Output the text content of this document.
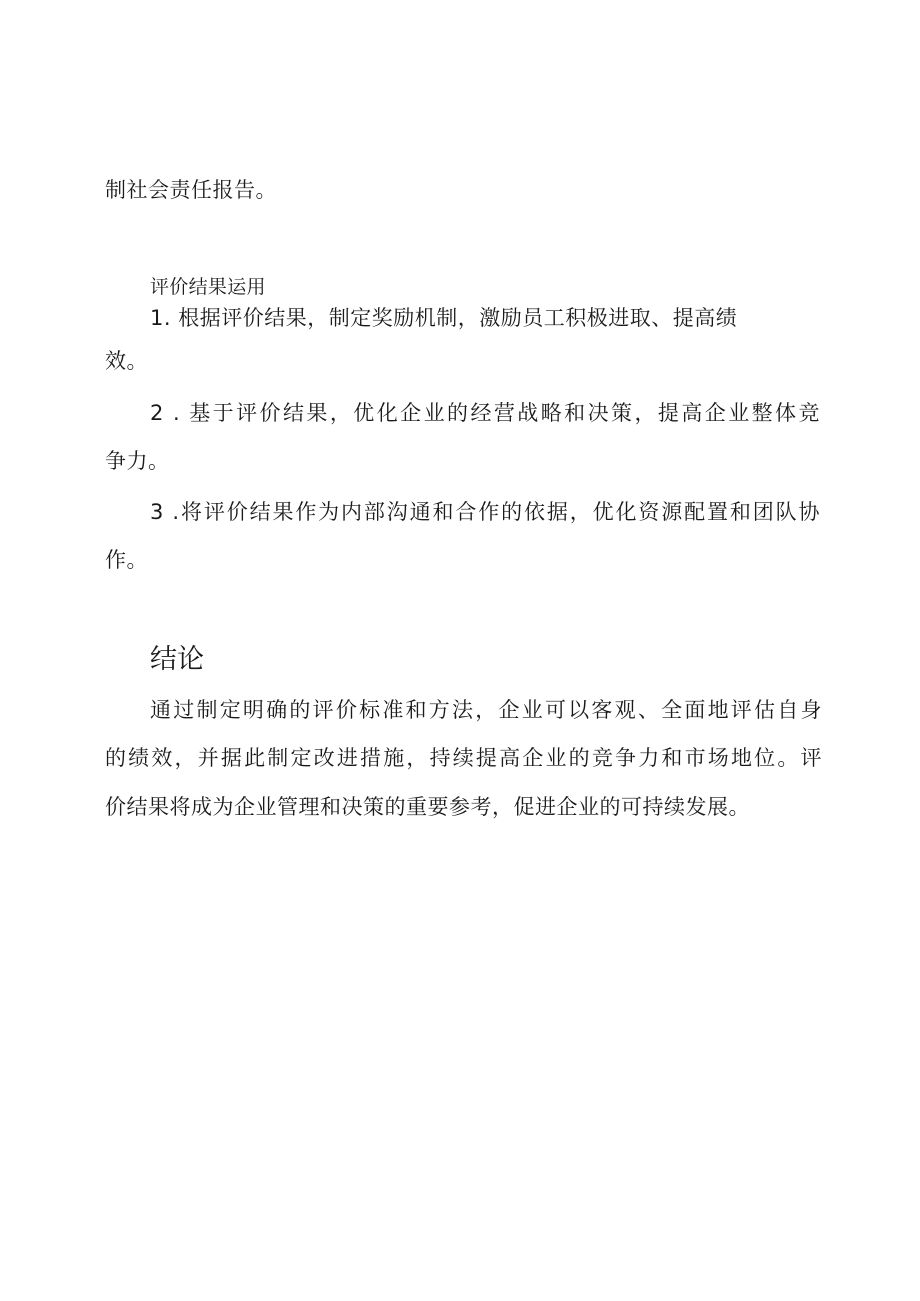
制社会责任报告。
评价结果运用
1. 根据评价结果，制定奖励机制，激励员工积极进取、提高绩
效。
2 . 基于评价结果，优化企业的经营战略和决策，提高企业整体竞
争力。
3 .将评价结果作为内部沟通和合作的依据，优化资源配置和团队协
作。
结论
通过制定明确的评价标准和方法，企业可以客观、全面地评估自身
的绩效，并据此制定改进措施，持续提高企业的竞争力和市场地位。评
价结果将成为企业管理和决策的重要参考，促进企业的可持续发展。
